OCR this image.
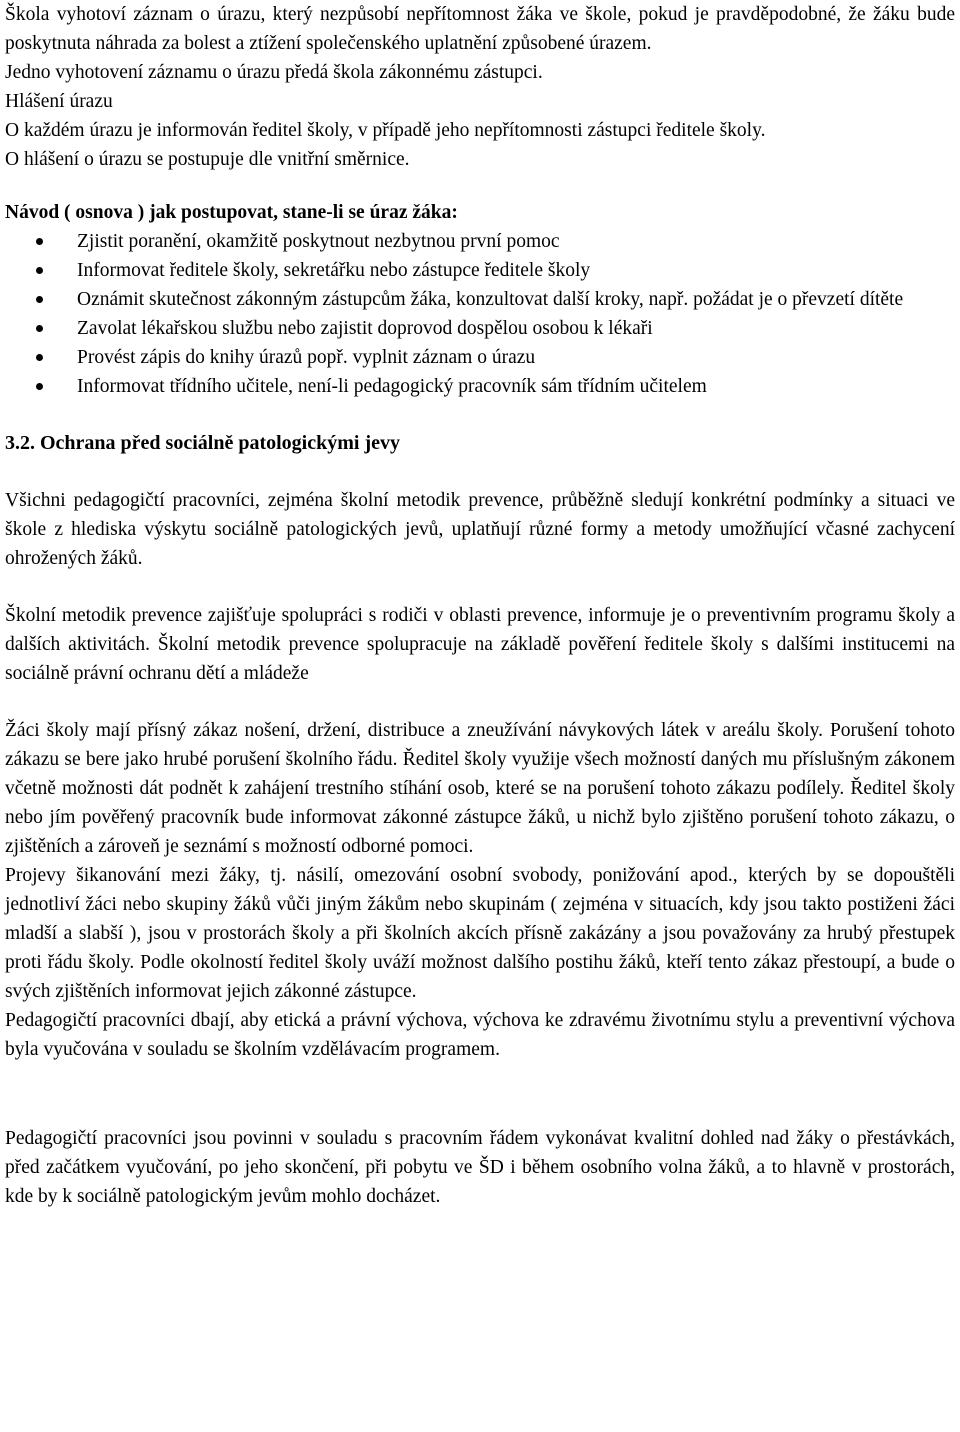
Škola vyhotoví záznam o úrazu, který nezpůsobí nepřítomnost žáka ve škole, pokud je pravděpodobné, že žáku bude poskytnuta náhrada za bolest a ztížení společenského uplatnění způsobené úrazem.

Jedno vyhotovení záznamu o úrazu předá škola zákonnému zástupci.

Hlášení úrazu

O každém úrazu je informován ředitel školy, v případě jeho nepřítomnosti zástupci ředitele školy.

O hlášení o úrazu se postupuje dle vnitřní směrnice.

Návod ( osnova ) jak postupovat, stane-li se úraz žáka:

Zjistit poranění, okamžitě poskytnout nezbytnou první pomoc
Informovat ředitele školy, sekretářku nebo zástupce ředitele školy
Oznámit skutečnost zákonným zástupcům žáka, konzultovat další kroky, např. požádat je o převzetí dítěte
Zavolat lékařskou službu nebo zajistit doprovod dospělou osobou k lékaři
Provést zápis do knihy úrazů popř. vyplnit záznam o úrazu
Informovat třídního učitele, není-li pedagogický pracovník sám třídním učitelem

3.2. Ochrana před sociálně patologickými jevy

Všichni pedagogičtí pracovníci, zejména školní metodik prevence, průběžně sledují konkrétní podmínky a situaci ve škole z hlediska výskytu sociálně patologických jevů, uplatňují různé formy a metody umožňující včasné zachycení ohrožených žáků.

Školní metodik prevence zajišťuje spolupráci s rodiči v oblasti prevence, informuje je o preventivním programu školy a dalších aktivitách. Školní metodik prevence spolupracuje na základě pověření ředitele školy s dalšími institucemi na sociálně právní ochranu dětí a mládeže

Žáci školy mají přísný zákaz nošení, držení, distribuce a zneužívání návykových látek v areálu školy. Porušení tohoto zákazu se bere jako hrubé porušení školního řádu. Ředitel školy využije všech možností daných mu příslušným zákonem včetně možnosti dát podnět k zahájení trestního stíhání osob, které se na porušení tohoto zákazu podílely. Ředitel školy nebo jím pověřený pracovník bude informovat zákonné zástupce žáků, u nichž bylo zjištěno porušení tohoto zákazu, o zjištěních a zároveň je seznámí s možností odborné pomoci.

Projevy šikanování mezi žáky, tj. násilí, omezování osobní svobody, ponižování apod., kterých by se dopouštěli jednotliví žáci nebo skupiny žáků vůči jiným žákům nebo skupinám ( zejména v situacích, kdy jsou takto postiženi žáci mladší a slabší ), jsou v prostorách školy a při školních akcích přísně zakázány a jsou považovány za hrubý přestupek proti řádu školy. Podle okolností ředitel školy uváží možnost dalšího postihu žáků, kteří tento zákaz přestoupí, a bude o svých zjištěních informovat jejich zákonné zástupce.

Pedagogičtí pracovníci dbají, aby etická a právní výchova, výchova ke zdravému životnímu stylu a preventivní výchova byla vyučována v souladu se školním vzdělávacím programem.

Pedagogičtí pracovníci jsou povinni v souladu s pracovním řádem vykonávat kvalitní dohled nad žáky o přestávkách, před začátkem vyučování, po jeho skončení, při pobytu ve ŠD i během osobního volna žáků, a to hlavně v prostorách, kde by k sociálně patologickým jevům mohlo docházet.
